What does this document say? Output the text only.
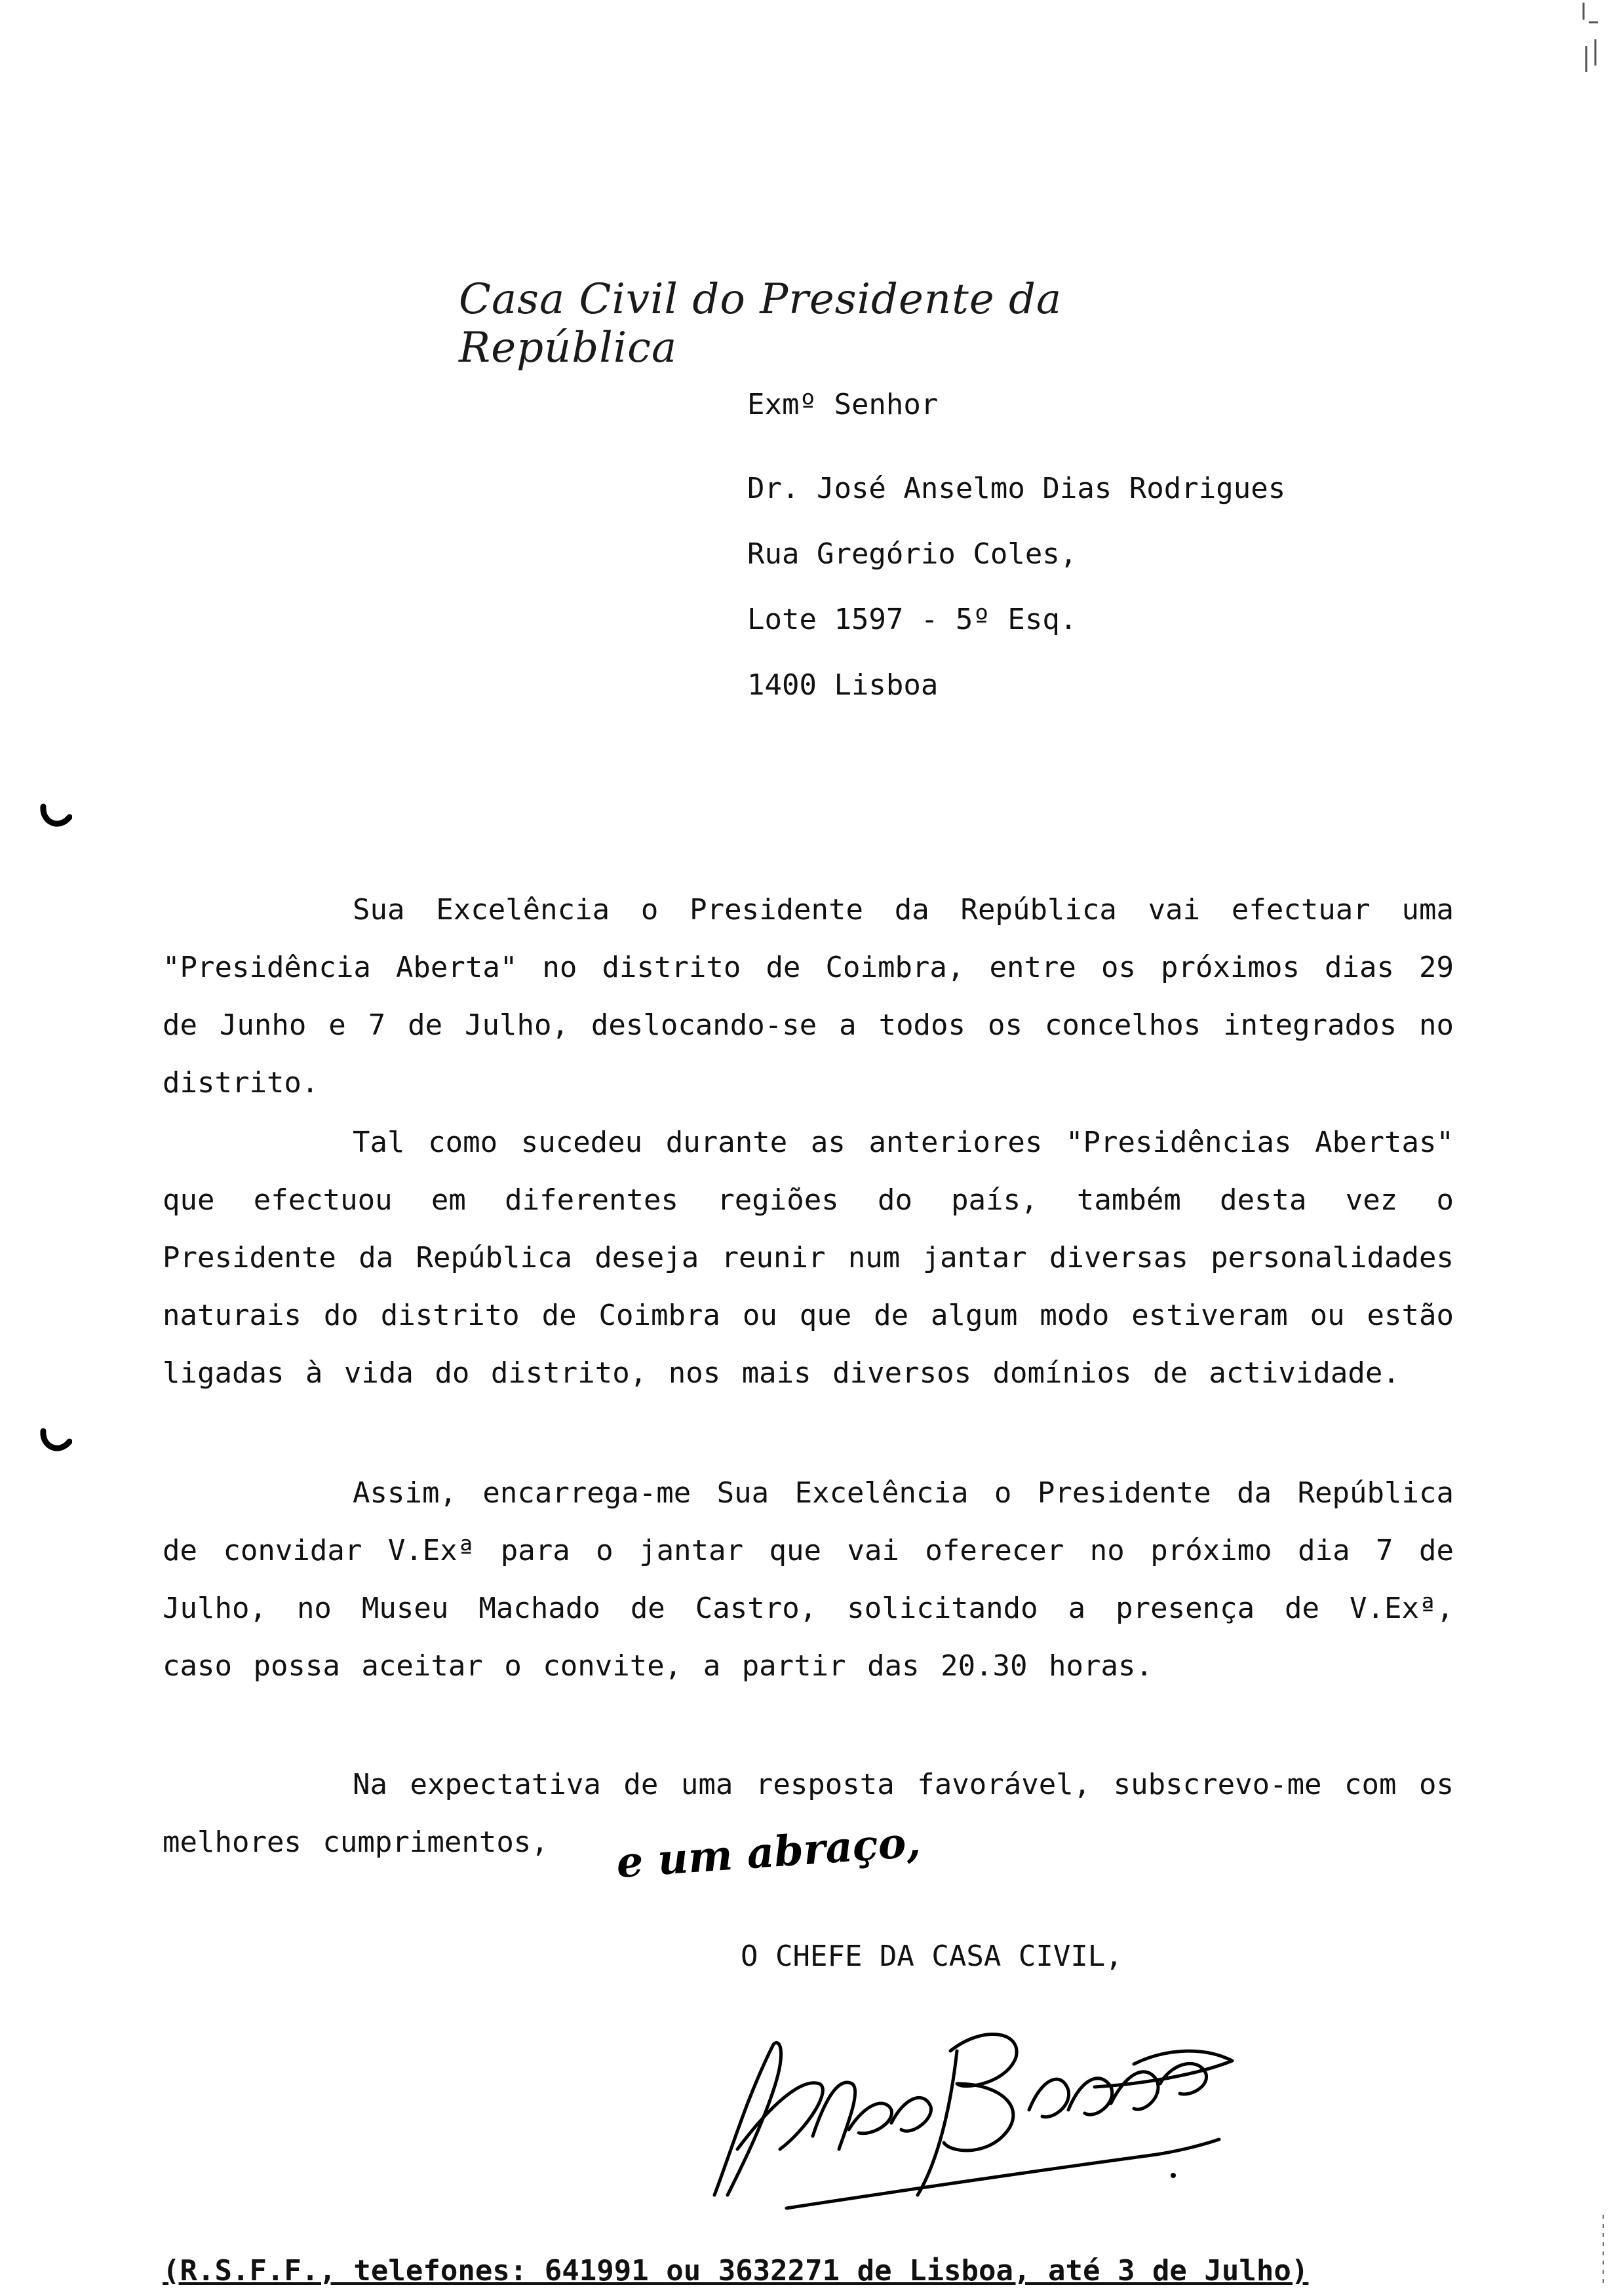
Casa Civil do Presidente da República
Exmº Senhor
Dr. José Anselmo Dias Rodrigues
Rua Gregório Coles,
Lote 1597 - 5º Esq.
1400 Lisboa

Sua Excelência o Presidente da República vai efectuar uma "Presidência Aberta" no distrito de Coimbra, entre os próximos dias 29 de Junho e 7 de Julho, deslocando-se a todos os concelhos integrados no distrito.

Tal como sucedeu durante as anteriores "Presidências Abertas" que efectuou em diferentes regiões do país, também desta vez o Presidente da República deseja reunir num jantar diversas personalidades naturais do distrito de Coimbra ou que de algum modo estiveram ou estão ligadas à vida do distrito, nos mais diversos domínios de actividade.

Assim, encarrega-me Sua Excelência o Presidente da República de convidar V.Exª para o jantar que vai oferecer no próximo dia 7 de Julho, no Museu Machado de Castro, solicitando a presença de V.Exª, caso possa aceitar o convite, a partir das 20.30 horas.

Na expectativa de uma resposta favorável, subscrevo-me com os melhores cumprimentos,	e um abraço,
O CHEFE DA CASA CIVIL,
(R.S.F.F., telefones: 641991 ou 3632271 de Lisboa, até 3 de Julho)
